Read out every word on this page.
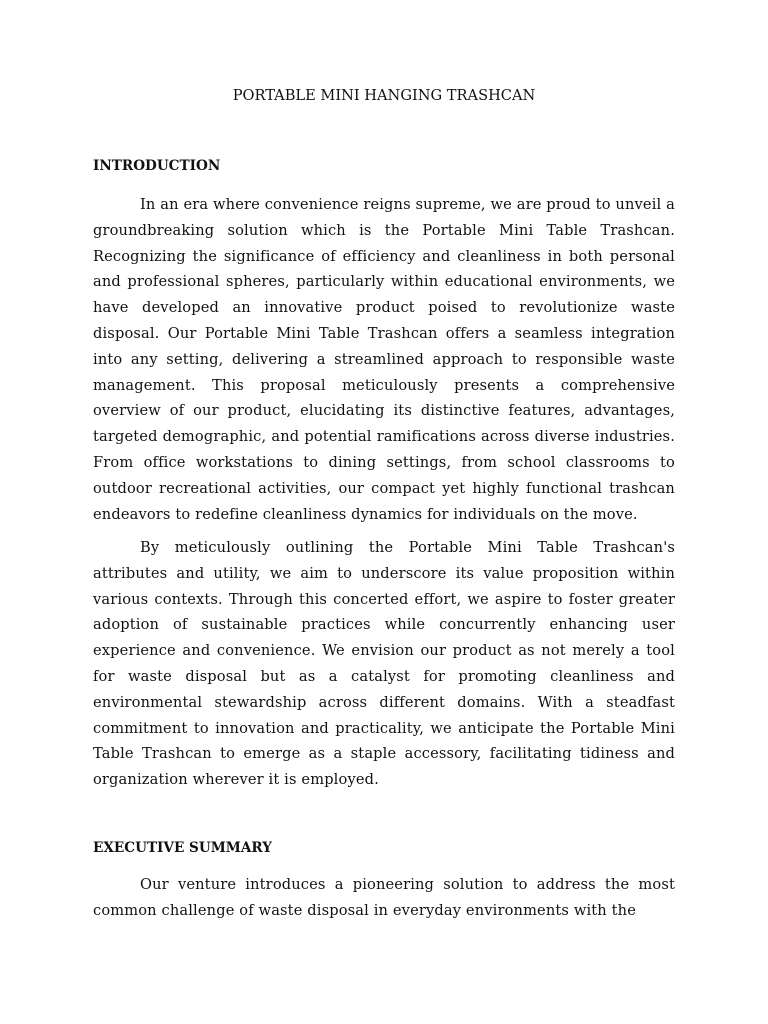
PORTABLE MINI HANGING TRASHCAN
INTRODUCTION

In an era where convenience reigns supreme, we are proud to unveil a groundbreaking solution which is the Portable Mini Table Trashcan. Recognizing the significance of efficiency and cleanliness in both personal and professional spheres, particularly within educational environments, we have developed an innovative product poised to revolutionize waste disposal. Our Portable Mini Table Trashcan offers a seamless integration into any setting, delivering a streamlined approach to responsible waste management. This proposal meticulously presents a comprehensive overview of our product, elucidating its distinctive features, advantages, targeted demographic, and potential ramifications across diverse industries. From office workstations to dining settings, from school classrooms to outdoor recreational activities, our compact yet highly functional trashcan endeavors to redefine cleanliness dynamics for individuals on the move.

By meticulously outlining the Portable Mini Table Trashcan's attributes and utility, we aim to underscore its value proposition within various contexts. Through this concerted effort, we aspire to foster greater adoption of sustainable practices while concurrently enhancing user experience and convenience. We envision our product as not merely a tool for waste disposal but as a catalyst for promoting cleanliness and environmental stewardship across different domains. With a steadfast commitment to innovation and practicality, we anticipate the Portable Mini Table Trashcan to emerge as a staple accessory, facilitating tidiness and organization wherever it is employed.

EXECUTIVE SUMMARY

Our venture introduces a pioneering solution to address the most common challenge of waste disposal in everyday environments with the
